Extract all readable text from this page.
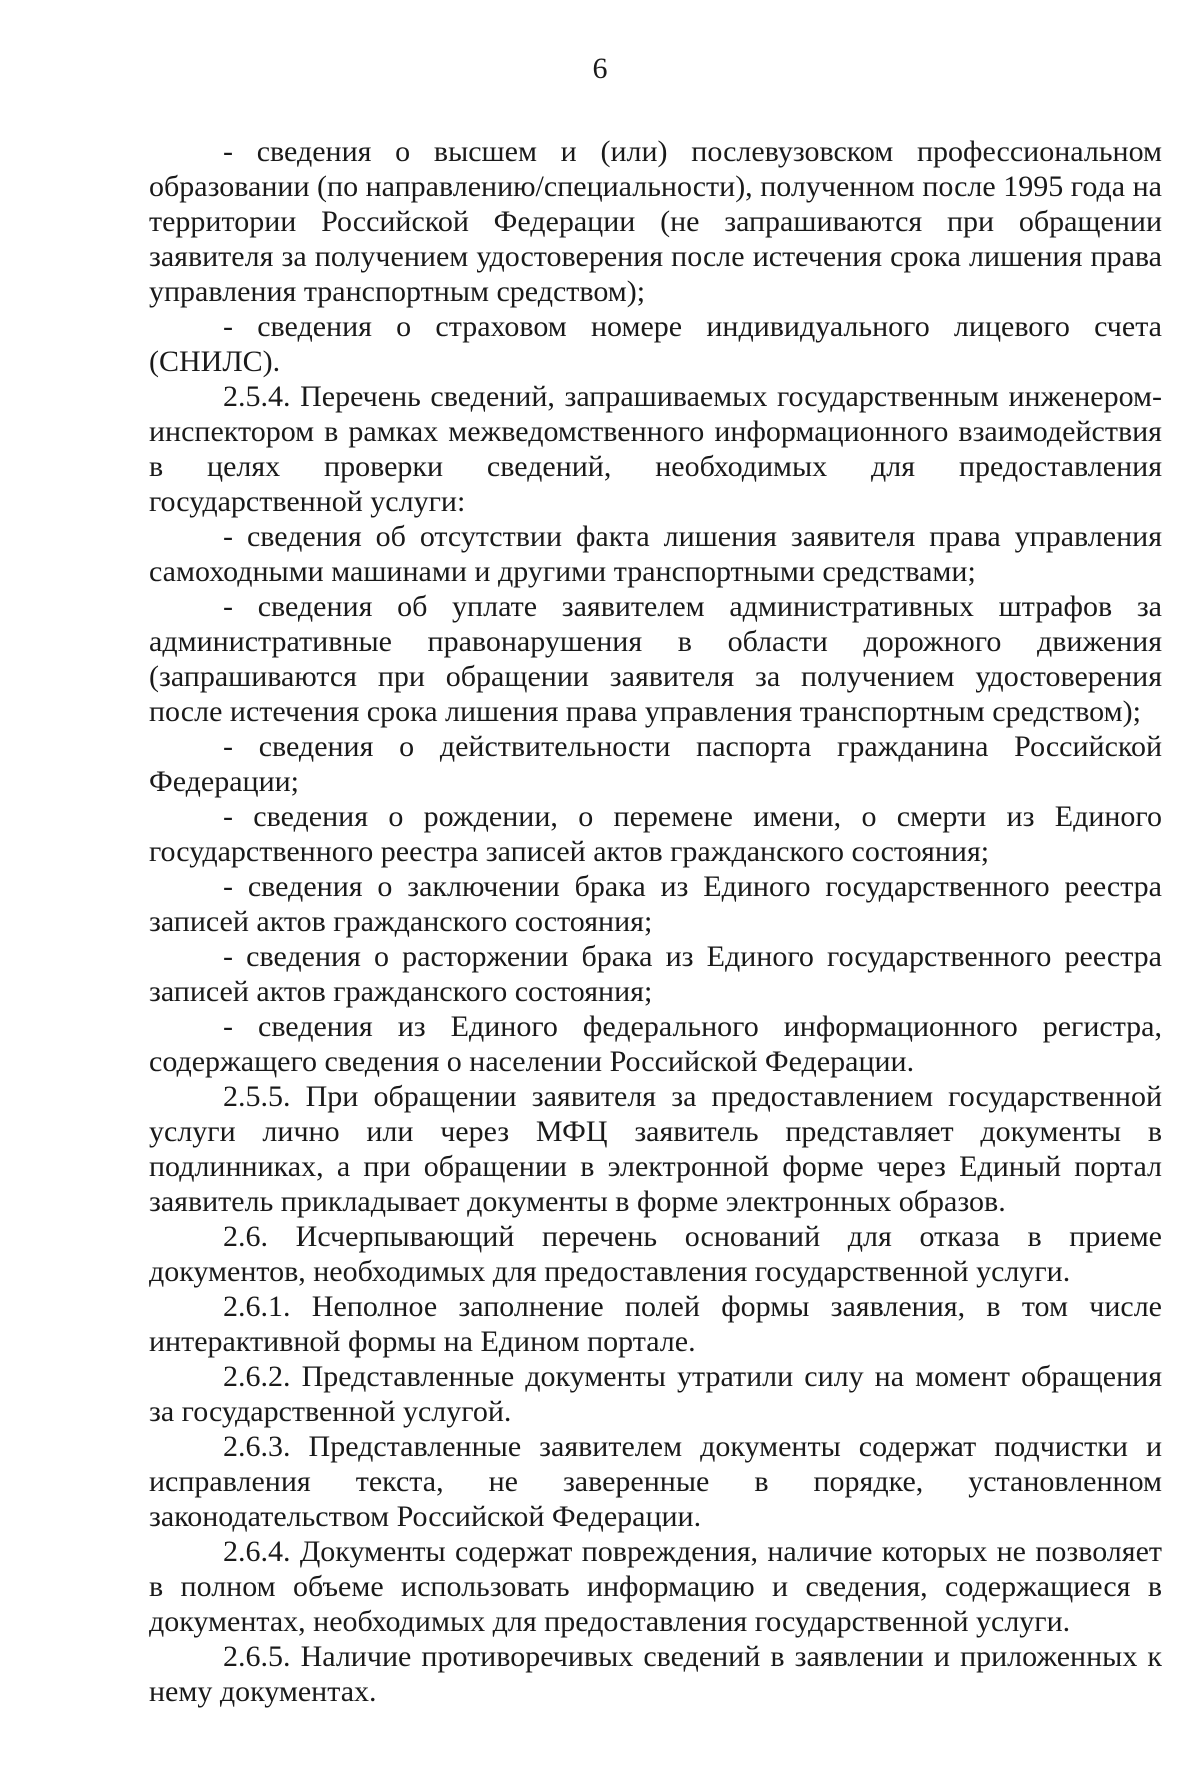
6

- сведения о высшем и (или) послевузовском профессиональном образовании (по направлению/специальности), полученном после 1995 года на территории Российской Федерации (не запрашиваются при обращении заявителя за получением удостоверения после истечения срока лишения права управления транспортным средством);

- сведения о страховом номере индивидуального лицевого счета (СНИЛС).

2.5.4. Перечень сведений, запрашиваемых государственным инженером-инспектором в рамках межведомственного информационного взаимодействия в целях проверки сведений, необходимых для предоставления государственной услуги:

- сведения об отсутствии факта лишения заявителя права управления самоходными машинами и другими транспортными средствами;

- сведения об уплате заявителем административных штрафов за административные правонарушения в области дорожного движения (запрашиваются при обращении заявителя за получением удостоверения после истечения срока лишения права управления транспортным средством);

- сведения о действительности паспорта гражданина Российской Федерации;

- сведения о рождении, о перемене имени, о смерти из Единого государственного реестра записей актов гражданского состояния;

- сведения о заключении брака из Единого государственного реестра записей актов гражданского состояния;

- сведения о расторжении брака из Единого государственного реестра записей актов гражданского состояния;

- сведения из Единого федерального информационного регистра, содержащего сведения о населении Российской Федерации.

2.5.5. При обращении заявителя за предоставлением государственной услуги лично или через МФЦ заявитель представляет документы в подлинниках, а при обращении в электронной форме через Единый портал заявитель прикладывает документы в форме электронных образов.

2.6. Исчерпывающий перечень оснований для отказа в приеме документов, необходимых для предоставления государственной услуги.

2.6.1. Неполное заполнение полей формы заявления, в том числе интерактивной формы на Едином портале.

2.6.2. Представленные документы утратили силу на момент обращения за государственной услугой.

2.6.3. Представленные заявителем документы содержат подчистки и исправления текста, не заверенные в порядке, установленном законодательством Российской Федерации.

2.6.4. Документы содержат повреждения, наличие которых не позволяет в полном объеме использовать информацию и сведения, содержащиеся в документах, необходимых для предоставления государственной услуги.

2.6.5. Наличие противоречивых сведений в заявлении и приложенных к нему документах.
